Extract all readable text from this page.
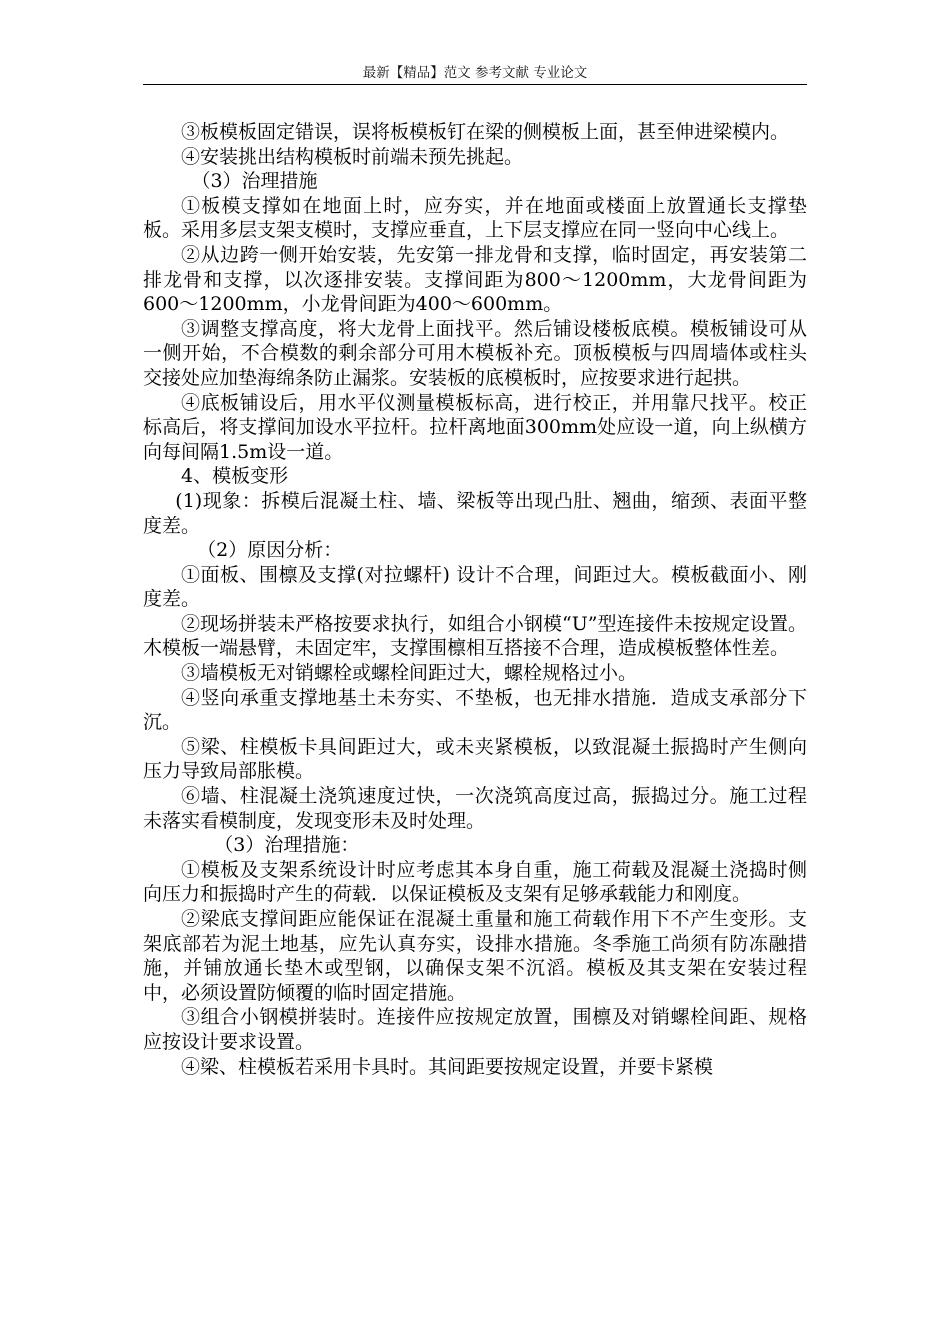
最新【精品】范文 参考文献 专业论文

③板模板固定错误，误将板模板钉在梁的侧模板上面，甚至伸进梁模内。

④安装挑出结构模板时前端未预先挑起。

（3）治理措施

①板模支撑如在地面上时，应夯实，并在地面或楼面上放置通长支撑垫板。采用多层支架支模时，支撑应垂直，上下层支撑应在同一竖向中心线上。

②从边跨一侧开始安装，先安第一排龙骨和支撑，临时固定，再安装第二排龙骨和支撑，以次逐排安装。支撑间距为800～1200mm，大龙骨间距为600～1200mm，小龙骨间距为400～600mm。

③调整支撑高度，将大龙骨上面找平。然后铺设楼板底模。模板铺设可从一侧开始，不合模数的剩余部分可用木模板补充。顶板模板与四周墙体或柱头交接处应加垫海绵条防止漏浆。安装板的底模板时，应按要求进行起拱。

④底板铺设后，用水平仪测量模板标高，进行校正，并用靠尺找平。校正标高后，将支撑间加设水平拉杆。拉杆离地面300mm处应设一道，向上纵横方向每间隔1.5m设一道。

4、模板变形

(1)现象：拆模后混凝土柱、墙、梁板等出现凸肚、翘曲，缩颈、表面平整度差。

（2）原因分析：

①面板、围檩及支撑(对拉螺杆) 设计不合理，间距过大。模板截面小、刚度差。

②现场拼装未严格按要求执行，如组合小钢模“U”型连接件未按规定设置。木模板一端悬臂，未固定牢，支撑围檩相互搭接不合理，造成模板整体性差。

③墙模板无对销螺栓或螺栓间距过大，螺栓规格过小。

④竖向承重支撑地基土未夯实、不垫板，也无排水措施．造成支承部分下沉。

⑤梁、柱模板卡具间距过大，或未夹紧模板，以致混凝土振捣时产生侧向压力导致局部胀模。

⑥墙、柱混凝土浇筑速度过快，一次浇筑高度过高，振捣过分。施工过程未落实看模制度，发现变形未及时处理。

（3）治理措施：

①模板及支架系统设计时应考虑其本身自重，施工荷载及混凝土浇捣时侧向压力和振捣时产生的荷载．以保证模板及支架有足够承载能力和刚度。

②梁底支撑间距应能保证在混凝土重量和施工荷载作用下不产生变形。支架底部若为泥土地基，应先认真夯实，设排水措施。冬季施工尚须有防冻融措施，并铺放通长垫木或型钢，以确保支架不沉滔。模板及其支架在安装过程中，必须设置防倾覆的临时固定措施。

③组合小钢模拼装时。连接件应按规定放置，围檩及对销螺栓间距、规格应按设计要求设置。

④梁、柱模板若采用卡具时。其间距要按规定设置，并要卡紧模
